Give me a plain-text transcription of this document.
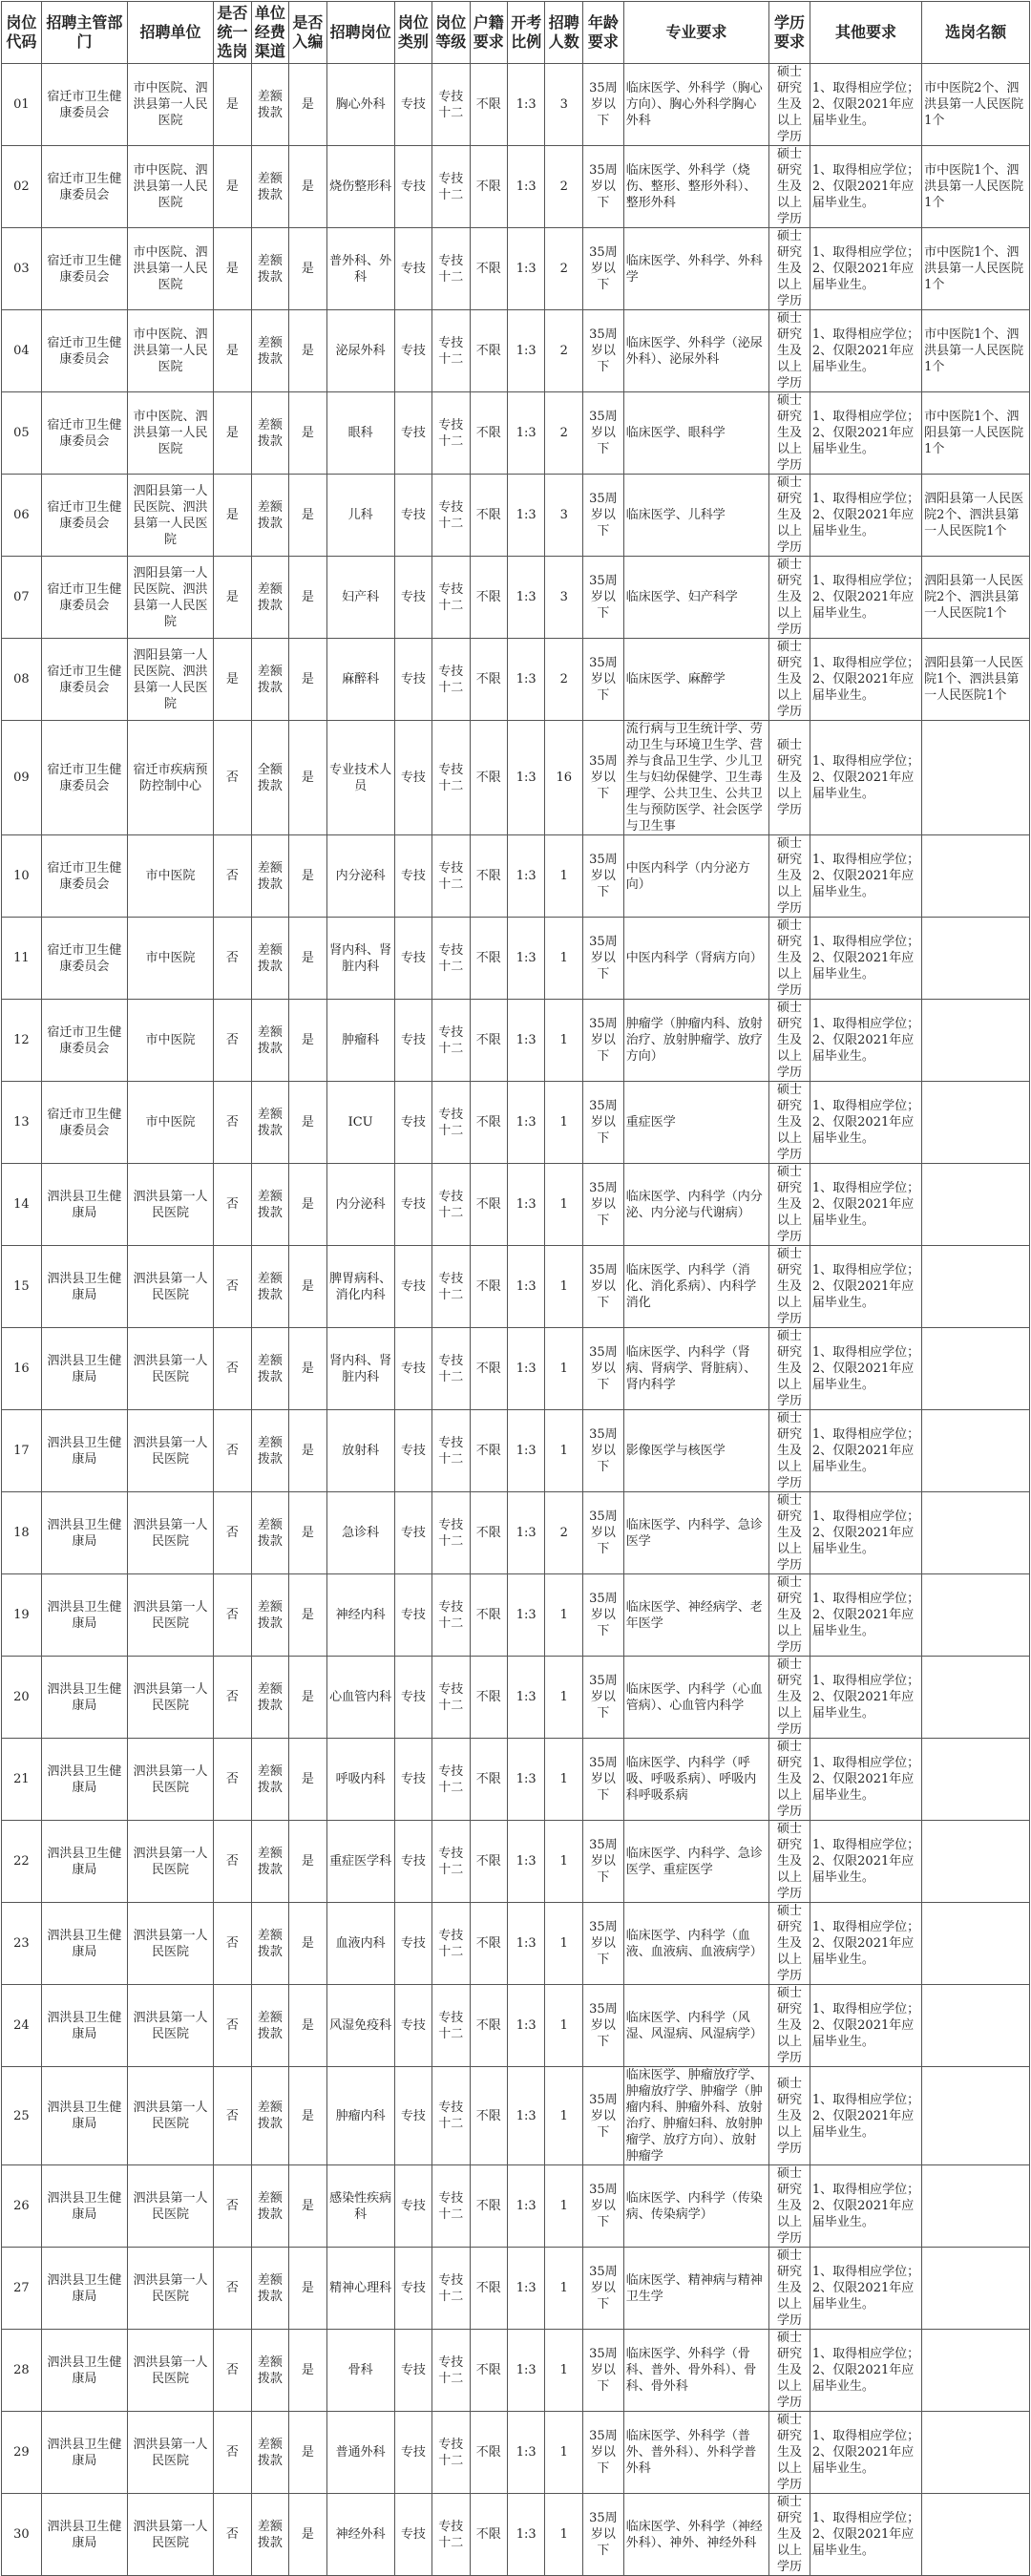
岗位代码	招聘主管部门	招聘单位	是否统一选岗	单位经费渠道	是否入编	招聘岗位	岗位类别	岗位等级	户籍要求	开考比例	招聘人数	年龄要求	专业要求	学历要求	其他要求	选岗名额
01	宿迁市卫生健康委员会	市中医院、泗洪县第一人民医院	是	差额拨款	是	胸心外科	专技	专技十二	不限	1:3	3	35周岁以下	临床医学、外科学（胸心方向）、胸心外科学胸心外科	硕士研究生及以上学历	1、取得相应学位；2、仅限2021年应届毕业生。	市中医院2个、泗洪县第一人民医院1个
02	宿迁市卫生健康委员会	市中医院、泗洪县第一人民医院	是	差额拨款	是	烧伤整形科	专技	专技十二	不限	1:3	2	35周岁以下	临床医学、外科学（烧伤、整形、整形外科）、整形外科	硕士研究生及以上学历	1、取得相应学位；2、仅限2021年应届毕业生。	市中医院1个、泗洪县第一人民医院1个
03	宿迁市卫生健康委员会	市中医院、泗洪县第一人民医院	是	差额拨款	是	普外科、外科	专技	专技十二	不限	1:3	2	35周岁以下	临床医学、外科学、外科学	硕士研究生及以上学历	1、取得相应学位；2、仅限2021年应届毕业生。	市中医院1个、泗洪县第一人民医院1个
04	宿迁市卫生健康委员会	市中医院、泗洪县第一人民医院	是	差额拨款	是	泌尿外科	专技	专技十二	不限	1:3	2	35周岁以下	临床医学、外科学（泌尿外科）、泌尿外科	硕士研究生及以上学历	1、取得相应学位；2、仅限2021年应届毕业生。	市中医院1个、泗洪县第一人民医院1个
05	宿迁市卫生健康委员会	市中医院、泗洪县第一人民医院	是	差额拨款	是	眼科	专技	专技十二	不限	1:3	2	35周岁以下	临床医学、眼科学	硕士研究生及以上学历	1、取得相应学位；2、仅限2021年应届毕业生。	市中医院1个、泗阳县第一人民医院1个
06	宿迁市卫生健康委员会	泗阳县第一人民医院、泗洪县第一人民医院	是	差额拨款	是	儿科	专技	专技十二	不限	1:3	3	35周岁以下	临床医学、儿科学	硕士研究生及以上学历	1、取得相应学位；2、仅限2021年应届毕业生。	泗阳县第一人民医院2个、泗洪县第一人民医院1个
07	宿迁市卫生健康委员会	泗阳县第一人民医院、泗洪县第一人民医院	是	差额拨款	是	妇产科	专技	专技十二	不限	1:3	3	35周岁以下	临床医学、妇产科学	硕士研究生及以上学历	1、取得相应学位；2、仅限2021年应届毕业生。	泗阳县第一人民医院2个、泗洪县第一人民医院1个
08	宿迁市卫生健康委员会	泗阳县第一人民医院、泗洪县第一人民医院	是	差额拨款	是	麻醉科	专技	专技十二	不限	1:3	2	35周岁以下	临床医学、麻醉学	硕士研究生及以上学历	1、取得相应学位；2、仅限2021年应届毕业生。	泗阳县第一人民医院1个、泗洪县第一人民医院1个
09	宿迁市卫生健康委员会	宿迁市疾病预防控制中心	否	全额拨款	是	专业技术人员	专技	专技十二	不限	1:3	16	35周岁以下	流行病与卫生统计学、劳动卫生与环境卫生学、营养与食品卫生学、少儿卫生与妇幼保健学、卫生毒理学、公共卫生、公共卫生与预防医学、社会医学与卫生事	硕士研究生及以上学历	1、取得相应学位；2、仅限2021年应届毕业生。	
10	宿迁市卫生健康委员会	市中医院	否	差额拨款	是	内分泌科	专技	专技十二	不限	1:3	1	35周岁以下	中医内科学（内分泌方向）	硕士研究生及以上学历	1、取得相应学位；2、仅限2021年应届毕业生。	
11	宿迁市卫生健康委员会	市中医院	否	差额拨款	是	肾内科、肾脏内科	专技	专技十二	不限	1:3	1	35周岁以下	中医内科学（肾病方向）	硕士研究生及以上学历	1、取得相应学位；2、仅限2021年应届毕业生。	
12	宿迁市卫生健康委员会	市中医院	否	差额拨款	是	肿瘤科	专技	专技十二	不限	1:3	1	35周岁以下	肿瘤学（肿瘤内科、放射治疗、放射肿瘤学、放疗方向）	硕士研究生及以上学历	1、取得相应学位；2、仅限2021年应届毕业生。	
13	宿迁市卫生健康委员会	市中医院	否	差额拨款	是	ICU	专技	专技十二	不限	1:3	1	35周岁以下	重症医学	硕士研究生及以上学历	1、取得相应学位；2、仅限2021年应届毕业生。	
14	泗洪县卫生健康局	泗洪县第一人民医院	否	差额拨款	是	内分泌科	专技	专技十二	不限	1:3	1	35周岁以下	临床医学、内科学（内分泌、内分泌与代谢病）	硕士研究生及以上学历	1、取得相应学位；2、仅限2021年应届毕业生。	
15	泗洪县卫生健康局	泗洪县第一人民医院	否	差额拨款	是	脾胃病科、消化内科	专技	专技十二	不限	1:3	1	35周岁以下	临床医学、内科学（消化、消化系病）、内科学消化	硕士研究生及以上学历	1、取得相应学位；2、仅限2021年应届毕业生。	
16	泗洪县卫生健康局	泗洪县第一人民医院	否	差额拨款	是	肾内科、肾脏内科	专技	专技十二	不限	1:3	1	35周岁以下	临床医学、内科学（肾病、肾病学、肾脏病）、肾内科学	硕士研究生及以上学历	1、取得相应学位；2、仅限2021年应届毕业生。	
17	泗洪县卫生健康局	泗洪县第一人民医院	否	差额拨款	是	放射科	专技	专技十二	不限	1:3	1	35周岁以下	影像医学与核医学	硕士研究生及以上学历	1、取得相应学位；2、仅限2021年应届毕业生。	
18	泗洪县卫生健康局	泗洪县第一人民医院	否	差额拨款	是	急诊科	专技	专技十二	不限	1:3	2	35周岁以下	临床医学、内科学、急诊医学	硕士研究生及以上学历	1、取得相应学位；2、仅限2021年应届毕业生。	
19	泗洪县卫生健康局	泗洪县第一人民医院	否	差额拨款	是	神经内科	专技	专技十二	不限	1:3	1	35周岁以下	临床医学、神经病学、老年医学	硕士研究生及以上学历	1、取得相应学位；2、仅限2021年应届毕业生。	
20	泗洪县卫生健康局	泗洪县第一人民医院	否	差额拨款	是	心血管内科	专技	专技十二	不限	1:3	1	35周岁以下	临床医学、内科学（心血管病）、心血管内科学	硕士研究生及以上学历	1、取得相应学位；2、仅限2021年应届毕业生。	
21	泗洪县卫生健康局	泗洪县第一人民医院	否	差额拨款	是	呼吸内科	专技	专技十二	不限	1:3	1	35周岁以下	临床医学、内科学（呼吸、呼吸系病）、呼吸内科呼吸系病	硕士研究生及以上学历	1、取得相应学位；2、仅限2021年应届毕业生。	
22	泗洪县卫生健康局	泗洪县第一人民医院	否	差额拨款	是	重症医学科	专技	专技十二	不限	1:3	1	35周岁以下	临床医学、内科学、急诊医学、重症医学	硕士研究生及以上学历	1、取得相应学位；2、仅限2021年应届毕业生。	
23	泗洪县卫生健康局	泗洪县第一人民医院	否	差额拨款	是	血液内科	专技	专技十二	不限	1:3	1	35周岁以下	临床医学、内科学（血液、血液病、血液病学）	硕士研究生及以上学历	1、取得相应学位；2、仅限2021年应届毕业生。	
24	泗洪县卫生健康局	泗洪县第一人民医院	否	差额拨款	是	风湿免疫科	专技	专技十二	不限	1:3	1	35周岁以下	临床医学、内科学（风湿、风湿病、风湿病学）	硕士研究生及以上学历	1、取得相应学位；2、仅限2021年应届毕业生。	
25	泗洪县卫生健康局	泗洪县第一人民医院	否	差额拨款	是	肿瘤内科	专技	专技十二	不限	1:3	1	35周岁以下	临床医学、肿瘤放疗学、肿瘤放疗学、肿瘤学（肿瘤内科、肿瘤外科、放射治疗、肿瘤妇科、放射肿瘤学、放疗方向）、放射肿瘤学	硕士研究生及以上学历	1、取得相应学位；2、仅限2021年应届毕业生。	
26	泗洪县卫生健康局	泗洪县第一人民医院	否	差额拨款	是	感染性疾病科	专技	专技十二	不限	1:3	1	35周岁以下	临床医学、内科学（传染病、传染病学）	硕士研究生及以上学历	1、取得相应学位；2、仅限2021年应届毕业生。	
27	泗洪县卫生健康局	泗洪县第一人民医院	否	差额拨款	是	精神心理科	专技	专技十二	不限	1:3	1	35周岁以下	临床医学、精神病与精神卫生学	硕士研究生及以上学历	1、取得相应学位；2、仅限2021年应届毕业生。	
28	泗洪县卫生健康局	泗洪县第一人民医院	否	差额拨款	是	骨科	专技	专技十二	不限	1:3	1	35周岁以下	临床医学、外科学（骨科、普外、骨外科）、骨科、骨外科	硕士研究生及以上学历	1、取得相应学位；2、仅限2021年应届毕业生。	
29	泗洪县卫生健康局	泗洪县第一人民医院	否	差额拨款	是	普通外科	专技	专技十二	不限	1:3	1	35周岁以下	临床医学、外科学（普外、普外科）、外科学普外科	硕士研究生及以上学历	1、取得相应学位；2、仅限2021年应届毕业生。	
30	泗洪县卫生健康局	泗洪县第一人民医院	否	差额拨款	是	神经外科	专技	专技十二	不限	1:3	1	35周岁以下	临床医学、外科学（神经外科）、神外、神经外科	硕士研究生及以上学历	1、取得相应学位；2、仅限2021年应届毕业生。	
